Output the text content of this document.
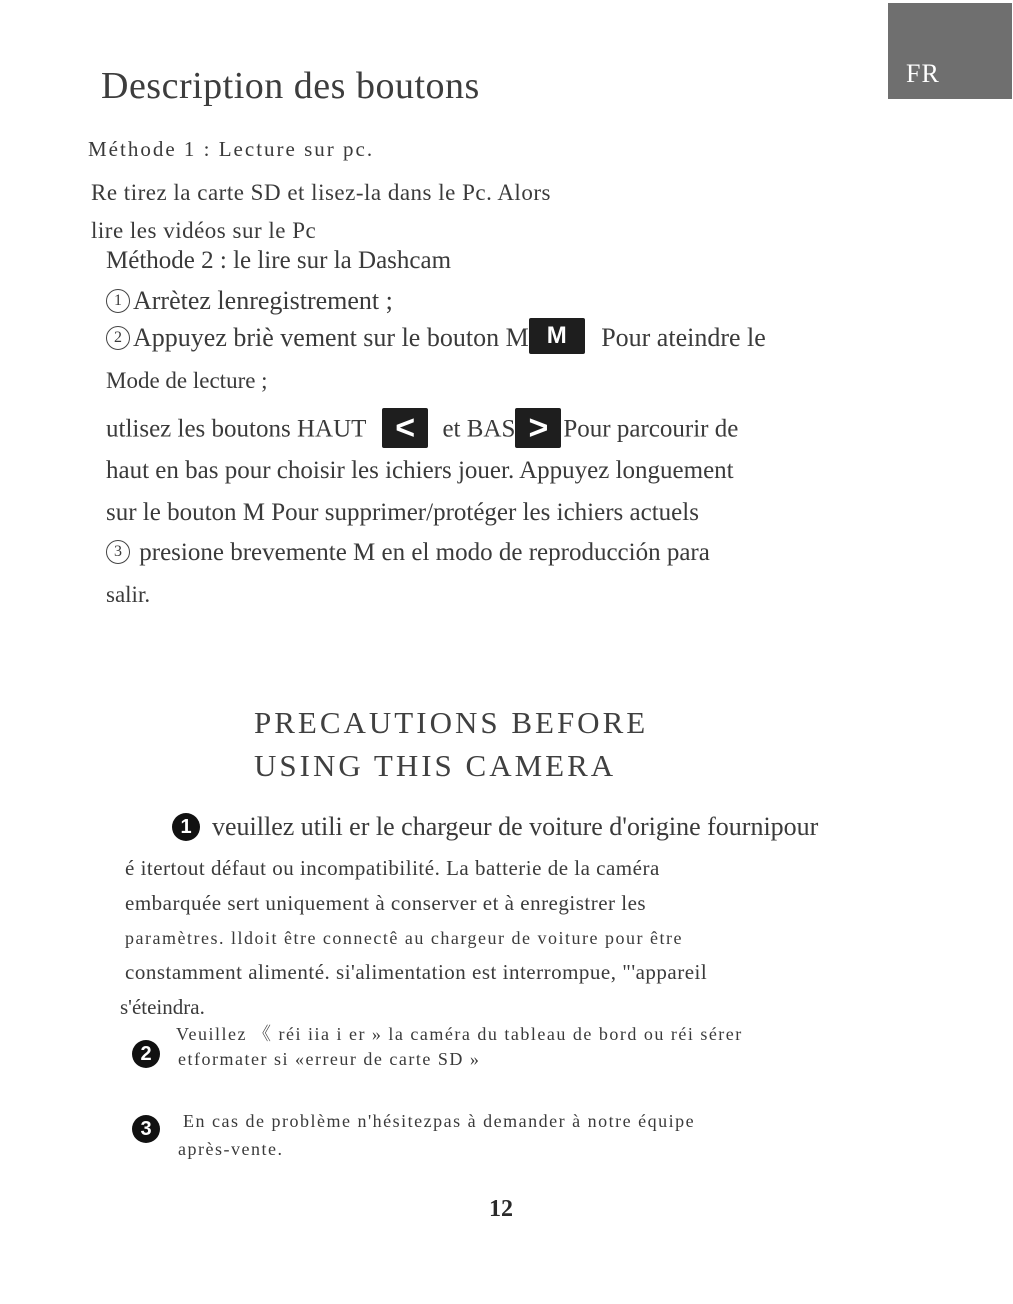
FR
Description des boutons
Méthode 1 : Lecture sur pc.
Re tirez la carte SD et lisez-la dans le Pc. Alors
lire les vidéos sur le Pc
Méthode 2 : le lire sur la Dashcam
1 Arrètez lenregistrement ;
2 Appuyez briè vement sur le bouton M M Pour ateindre le
Mode de lecture ;
utlisez les boutons HAUT < et BAS > Pour parcourir de
haut en bas pour choisir les ichiers jouer. Appuyez longuement
sur le bouton M Pour supprimer/protéger les ichiers actuels
3 presione brevemente M en el modo de reproducción para
salir.
PRECAUTIONS BEFORE
USING THIS CAMERA
1 veuillez utili er le chargeur de voiture d'origine fournipour
é itertout défaut ou incompatibilité. La batterie de la caméra
embarquée sert uniquement à conserver et à enregistrer les
paramètres. lldoit être connectê au chargeur de voiture pour être
constamment alimenté. si'alimentation est interrompue, "'appareil
s'éteindra.
2
Veuillez 《 réi iia i er » la caméra du tableau de bord ou réi sérer
etformater si «erreur de carte SD »
3	En cas de problème n'hésitezpas à demander à notre équipe
après-vente.
12
